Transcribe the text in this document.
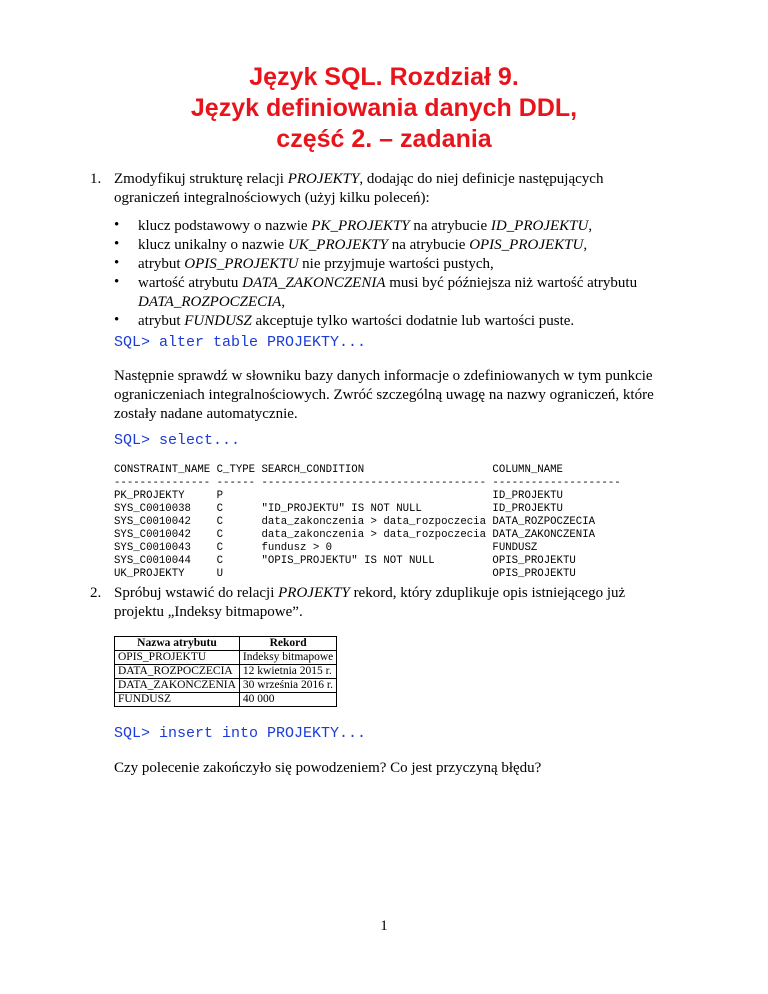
Język SQL. Rozdział 9.
Język definiowania danych DDL,
część 2. – zadania
1. Zmodyfikuj strukturę relacji PROJEKTY, dodając do niej definicje następujących
ograniczeń integralnościowych (użyj kilku poleceń):
• klucz podstawowy o nazwie PK_PROJEKTY na atrybucie ID_PROJEKTU,
• klucz unikalny o nazwie UK_PROJEKTY na atrybucie OPIS_PROJEKTU,
• atrybut OPIS_PROJEKTU nie przyjmuje wartości pustych,
• wartość atrybutu DATA_ZAKONCZENIA musi być późniejsza niż wartość atrybutu
DATA_ROZPOCZECIA,
• atrybut FUNDUSZ akceptuje tylko wartości dodatnie lub wartości puste.
SQL> alter table PROJEKTY...
Następnie sprawdź w słowniku bazy danych informacje o zdefiniowanych w tym punkcie
ograniczeniach integralnościowych. Zwróć szczególną uwagę na nazwy ograniczeń, które
zostały nadane automatycznie.
SQL> select...
CONSTRAINT_NAME C_TYPE SEARCH_CONDITION                    COLUMN_NAME
--------------- ------ ----------------------------------- --------------------
PK_PROJEKTY     P                                          ID_PROJEKTU
SYS_C0010038    C      "ID_PROJEKTU" IS NOT NULL           ID_PROJEKTU
SYS_C0010042    C      data_zakonczenia > data_rozpoczecia DATA_ROZPOCZECIA
SYS_C0010042    C      data_zakonczenia > data_rozpoczecia DATA_ZAKONCZENIA
SYS_C0010043    C      fundusz > 0                         FUNDUSZ
SYS_C0010044    C      "OPIS_PROJEKTU" IS NOT NULL         OPIS_PROJEKTU
UK_PROJEKTY     U                                          OPIS_PROJEKTU
2. Spróbuj wstawić do relacji PROJEKTY rekord, który zduplikuje opis istniejącego już
projektu „Indeksy bitmapowe”.
Nazwa atrybutu	Rekord
OPIS_PROJEKTU	Indeksy bitmapowe
DATA_ROZPOCZECIA	12 kwietnia 2015 r.
DATA_ZAKONCZENIA	30 września 2016 r.
FUNDUSZ	40 000
SQL> insert into PROJEKTY...
Czy polecenie zakończyło się powodzeniem? Co jest przyczyną błędu?
1
